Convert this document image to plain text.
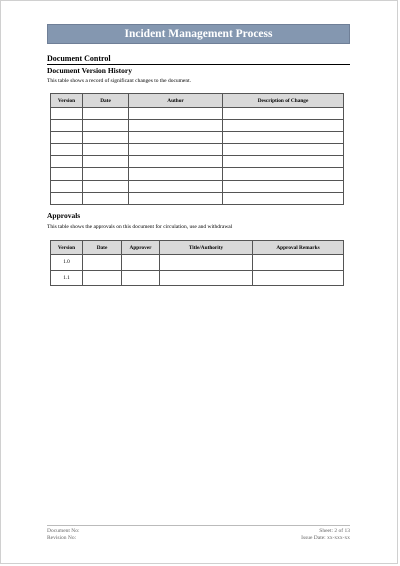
Incident Management Process
Document Control
Document Version History
This table shows a record of significant changes to the document.
Version	Date	Author	Description of Change

Approvals
This table shows the approvals on this document for circulation, use and withdrawal
Version	Date	Approver	Title/Authority	Approval Remarks
1.0				
1.1				
Document No:
Revision No:
Sheet: 2 of 13
Issue Date: xx-xxx-xx
